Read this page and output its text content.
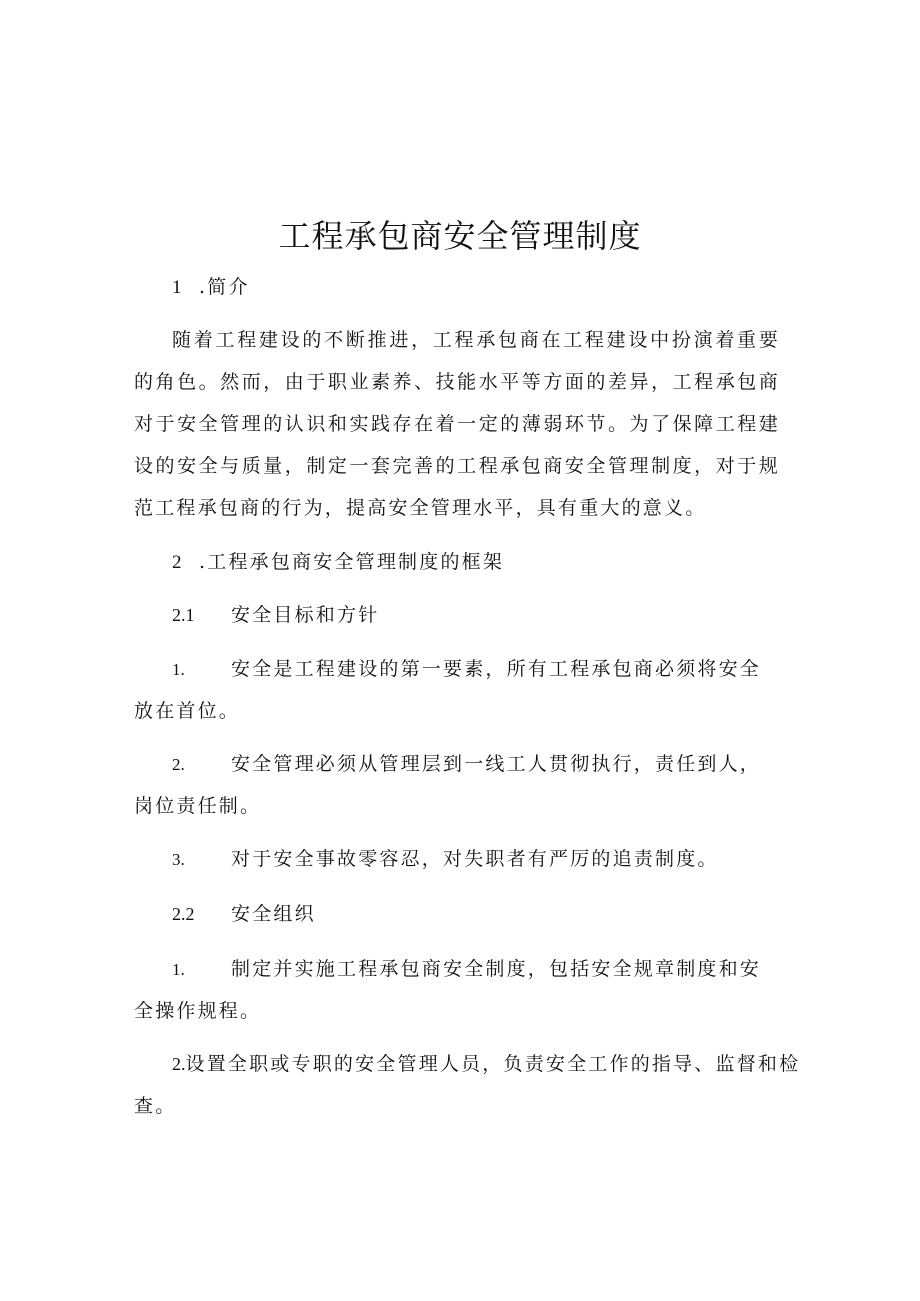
工程承包商安全管理制度
1 .简介
随着工程建设的不断推进，工程承包商在工程建设中扮演着重要的角色。然而，由于职业素养、技能水平等方面的差异，工程承包商对于安全管理的认识和实践存在着一定的薄弱环节。为了保障工程建设的安全与质量，制定一套完善的工程承包商安全管理制度，对于规范工程承包商的行为，提高安全管理水平，具有重大的意义。
2 .工程承包商安全管理制度的框架
2.1 安全目标和方针
1. 安全是工程建设的第一要素，所有工程承包商必须将安全
放在首位。
2. 安全管理必须从管理层到一线工人贯彻执行，责任到人，
岗位责任制。
3. 对于安全事故零容忍，对失职者有严厉的追责制度。
2.2 安全组织
1. 制定并实施工程承包商安全制度，包括安全规章制度和安
全操作规程。
2.设置全职或专职的安全管理人员，负责安全工作的指导、监督和检
查。
